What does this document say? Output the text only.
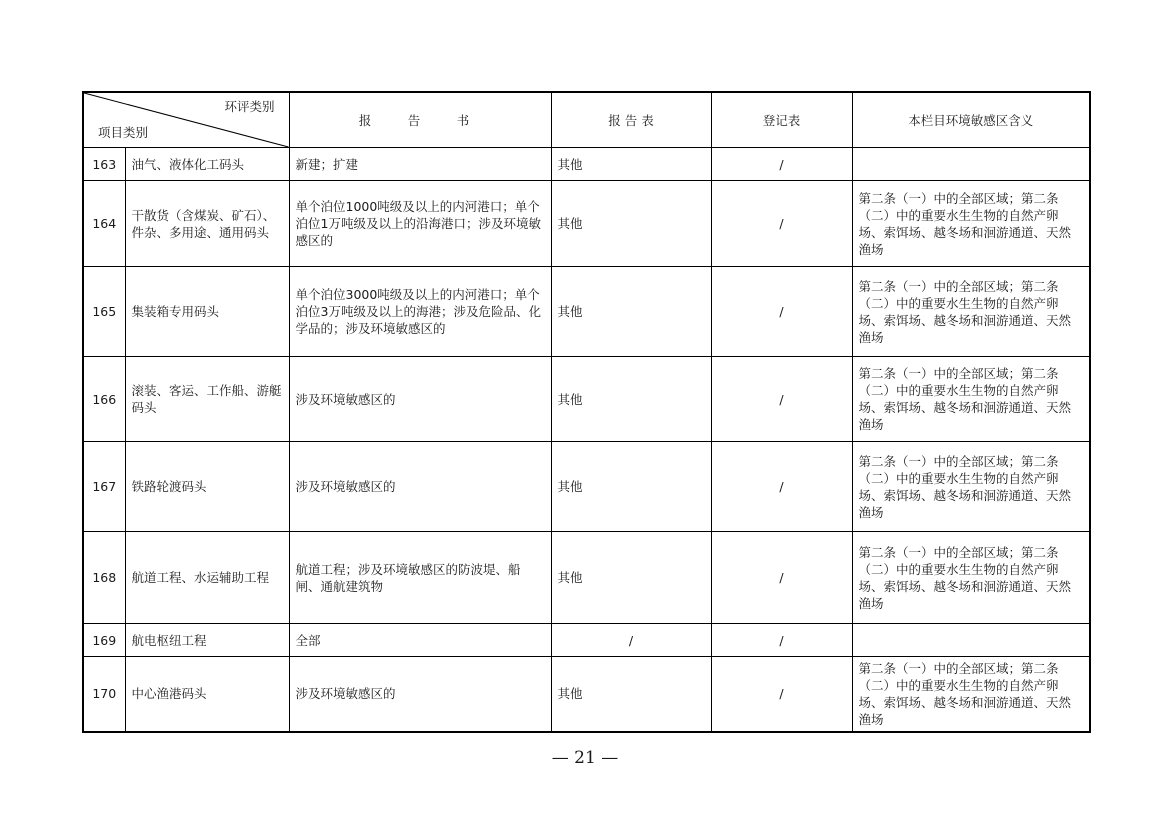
环评类别
项目类别		报　告　书	报 告 表	登记表	本栏目环境敏感区含义
163	油气、液体化工码头	新建；扩建	其他	/	
164	干散货（含煤炭、矿石）、件杂、多用途、通用码头	单个泊位1000吨级及以上的内河港口；单个泊位1万吨级及以上的沿海港口；涉及环境敏感区的	其他	/	第二条（一）中的全部区域；第二条（二）中的重要水生生物的自然产卵场、索饵场、越冬场和洄游通道、天然渔场
165	集装箱专用码头	单个泊位3000吨级及以上的内河港口；单个泊位3万吨级及以上的海港；涉及危险品、化学品的；涉及环境敏感区的	其他	/	第二条（一）中的全部区域；第二条（二）中的重要水生生物的自然产卵场、索饵场、越冬场和洄游通道、天然渔场
166	滚装、客运、工作船、游艇码头	涉及环境敏感区的	其他	/	第二条（一）中的全部区域；第二条（二）中的重要水生生物的自然产卵场、索饵场、越冬场和洄游通道、天然渔场
167	铁路轮渡码头	涉及环境敏感区的	其他	/	第二条（一）中的全部区域；第二条（二）中的重要水生生物的自然产卵场、索饵场、越冬场和洄游通道、天然渔场
168	航道工程、水运辅助工程	航道工程；涉及环境敏感区的防波堤、船闸、通航建筑物	其他	/	第二条（一）中的全部区域；第二条（二）中的重要水生生物的自然产卵场、索饵场、越冬场和洄游通道、天然渔场
169	航电枢纽工程	全部	/	/	
170	中心渔港码头	涉及环境敏感区的	其他	/	第二条（一）中的全部区域；第二条（二）中的重要水生生物的自然产卵场、索饵场、越冬场和洄游通道、天然渔场
— 21 —
